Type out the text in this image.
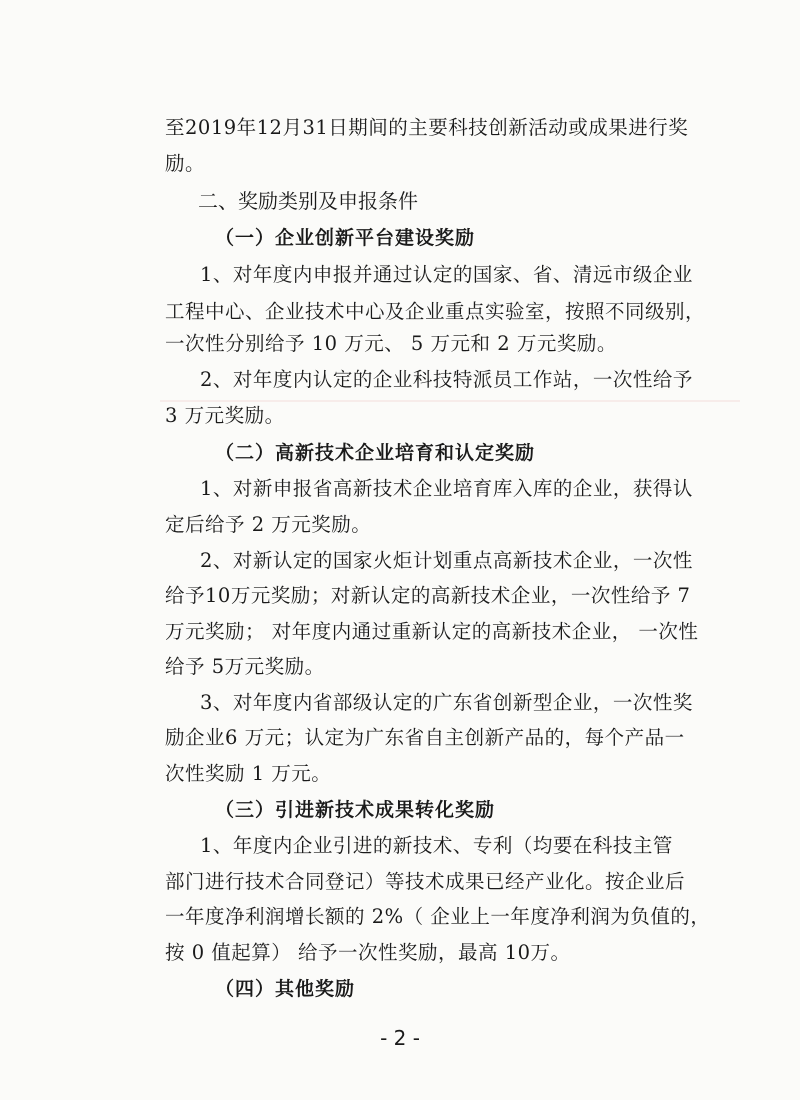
至2019年12月31日期间的主要科技创新活动或成果进行奖
励。
二、奖励类别及申报条件
（一）企业创新平台建设奖励
1、对年度内申报并通过认定的国家、省、清远市级企业
工程中心、企业技术中心及企业重点实验室，按照不同级别，
一次性分别给予 10 万元、 5 万元和 2 万元奖励。
2、对年度内认定的企业科技特派员工作站，一次性给予
3 万元奖励。
（二）高新技术企业培育和认定奖励
1、对新申报省高新技术企业培育库入库的企业，获得认
定后给予 2 万元奖励。
2、对新认定的国家火炬计划重点高新技术企业，一次性
给予10万元奖励；对新认定的高新技术企业，一次性给予 7
万元奖励； 对年度内通过重新认定的高新技术企业， 一次性
给予 5万元奖励。
3、对年度内省部级认定的广东省创新型企业，一次性奖
励企业6 万元；认定为广东省自主创新产品的，每个产品一
次性奖励 1 万元。
（三）引进新技术成果转化奖励
1、年度内企业引进的新技术、专利（均要在科技主管
部门进行技术合同登记）等技术成果已经产业化。按企业后
一年度净利润增长额的 2%（ 企业上一年度净利润为负值的，
按 0 值起算） 给予一次性奖励，最高 10万。
（四）其他奖励
- 2 -
